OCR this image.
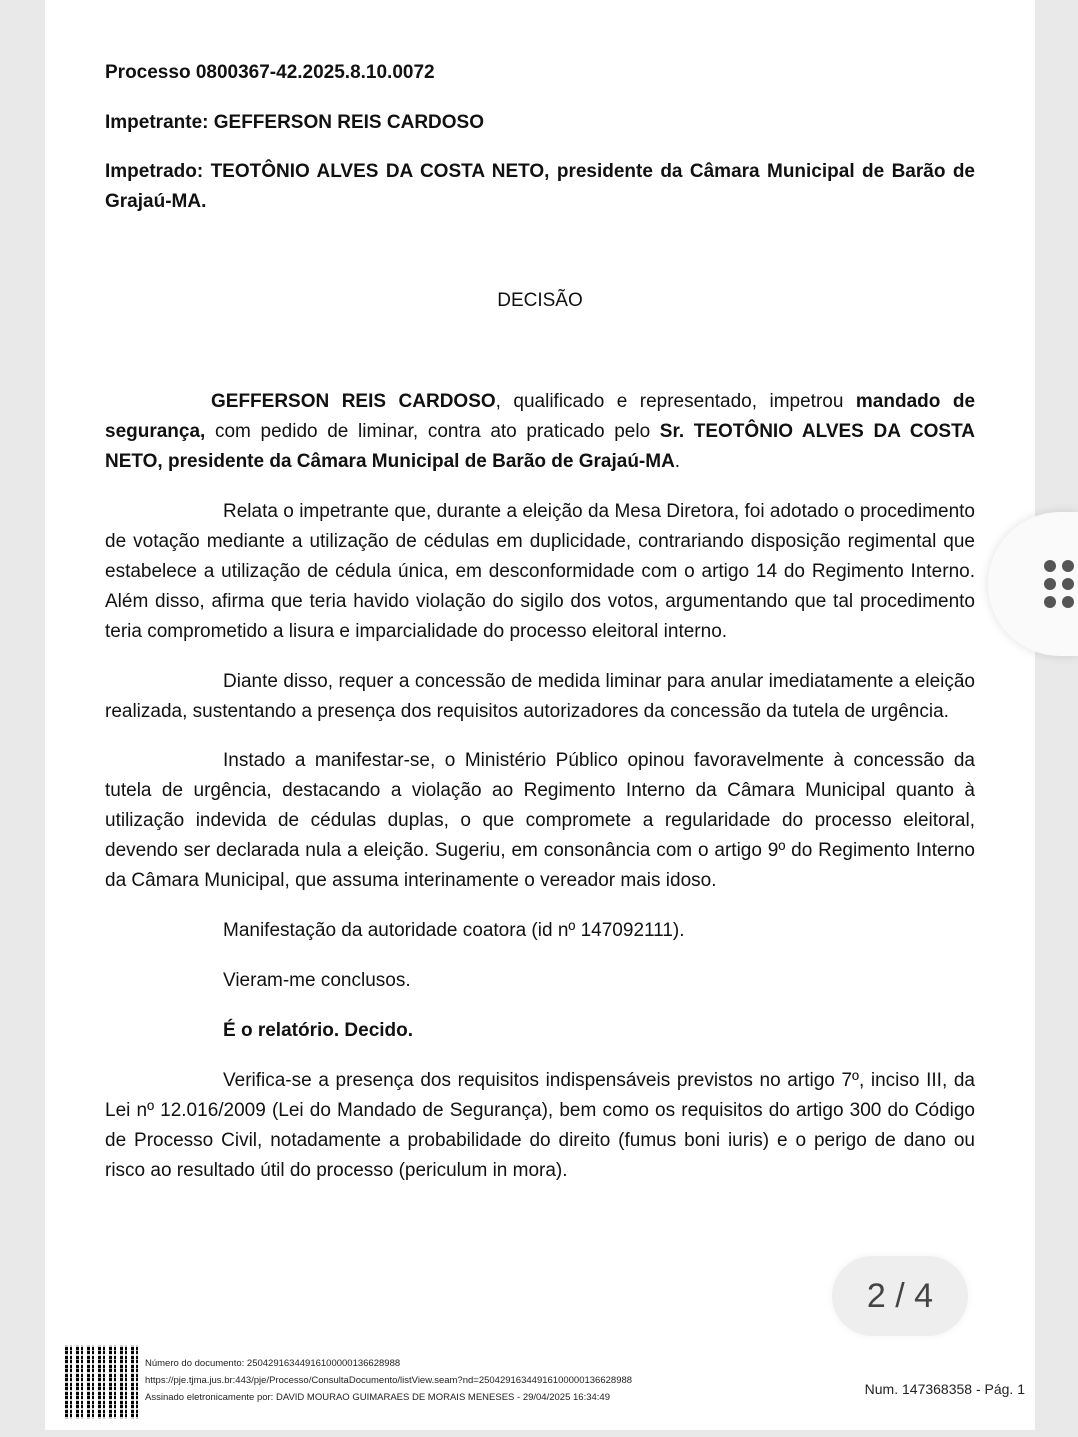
Processo 0800367-42.2025.8.10.0072

Impetrante: GEFFERSON REIS CARDOSO

Impetrado: TEOTÔNIO ALVES DA COSTA NETO, presidente da Câmara Municipal de Barão de Grajaú-MA.

DECISÃO

GEFFERSON REIS CARDOSO, qualificado e representado, impetrou mandado de segurança, com pedido de liminar, contra ato praticado pelo Sr. TEOTÔNIO ALVES DA COSTA NETO, presidente da Câmara Municipal de Barão de Grajaú-MA.

Relata o impetrante que, durante a eleição da Mesa Diretora, foi adotado o procedimento de votação mediante a utilização de cédulas em duplicidade, contrariando disposição regimental que estabelece a utilização de cédula única, em desconformidade com o artigo 14 do Regimento Interno. Além disso, afirma que teria havido violação do sigilo dos votos, argumentando que tal procedimento teria comprometido a lisura e imparcialidade do processo eleitoral interno.

Diante disso, requer a concessão de medida liminar para anular imediatamente a eleição realizada, sustentando a presença dos requisitos autorizadores da concessão da tutela de urgência.

Instado a manifestar-se, o Ministério Público opinou favoravelmente à concessão da tutela de urgência, destacando a violação ao Regimento Interno da Câmara Municipal quanto à utilização indevida de cédulas duplas, o que compromete a regularidade do processo eleitoral, devendo ser declarada nula a eleição. Sugeriu, em consonância com o artigo 9º do Regimento Interno da Câmara Municipal, que assuma interinamente o vereador mais idoso.

Manifestação da autoridade coatora (id nº 147092111).

Vieram-me conclusos.

É o relatório. Decido.

Verifica-se a presença dos requisitos indispensáveis previstos no artigo 7º, inciso III, da Lei nº 12.016/2009 (Lei do Mandado de Segurança), bem como os requisitos do artigo 300 do Código de Processo Civil, notadamente a probabilidade do direito (fumus boni iuris) e o perigo de dano ou risco ao resultado útil do processo (periculum in mora).

Número do documento: 25042916344916100000136628988
https://pje.tjma.jus.br:443/pje/Processo/ConsultaDocumento/listView.seam?nd=25042916344916100000136628988
Assinado eletronicamente por: DAVID MOURAO GUIMARAES DE MORAIS MENESES - 29/04/2025 16:34:49
Num. 147368358 - Pág. 1
2 / 4
